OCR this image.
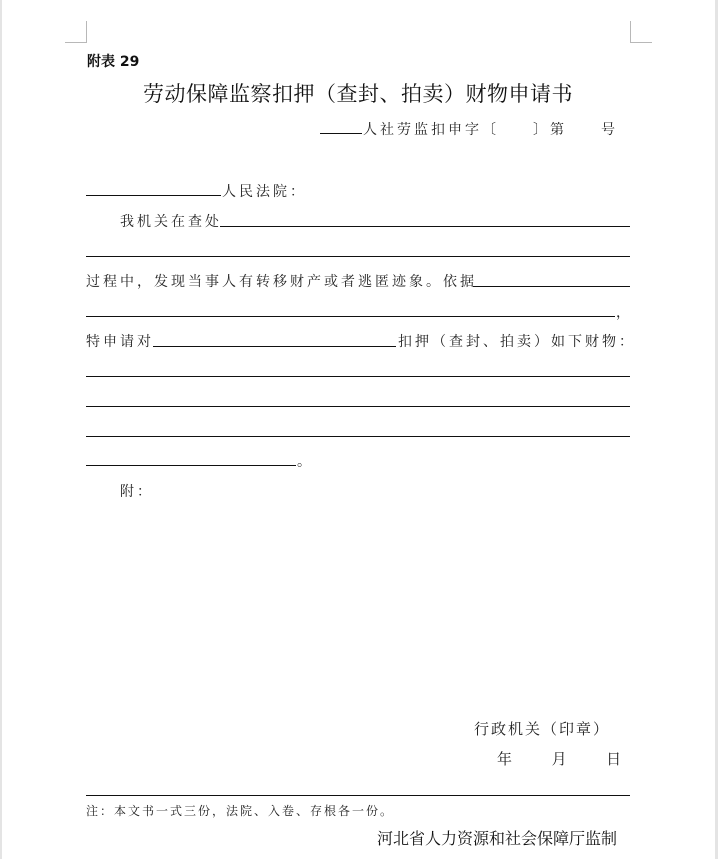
附表 29
劳动保障监察扣押（查封、拍卖）财物申请书
人社劳监扣申字〔　　〕第　　号
人民法院：
我机关在查处
过程中，发现当事人有转移财产或者逃匿迹象。依据
，
特申请对	扣押（查封、拍卖）如下财物：
。
附：
行政机关（印章）
年	月	日
注：本文书一式三份，法院、入卷、存根各一份。
河北省人力资源和社会保障厅监制
